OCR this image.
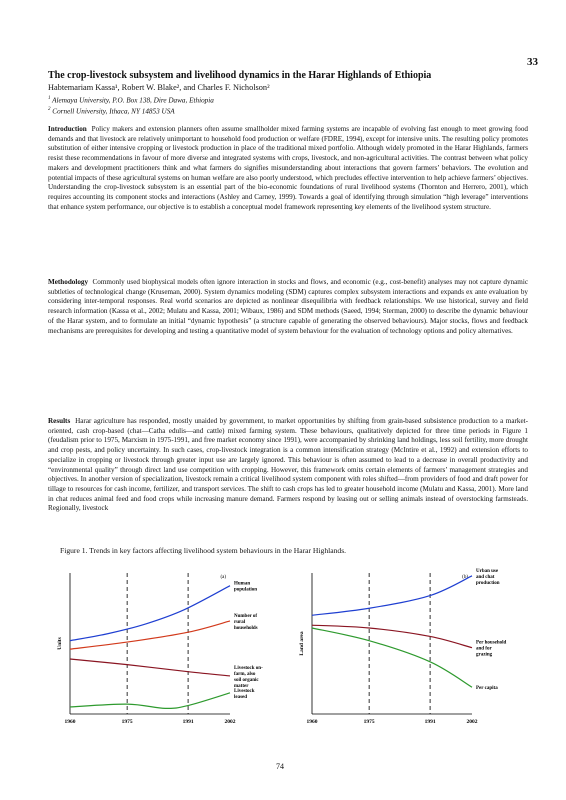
33
The crop-livestock subsystem and livelihood dynamics in the Harar Highlands of Ethiopia
Habtemariam Kassa¹, Robert W. Blake², and Charles F. Nicholson²
$^1$ Alemaya University, P.O. Box 138, Dire Dawa, Ethiopia
$^2$ Cornell University, Ithaca, NY 14853 USA
Introduction Policy makers and extension planners often assume smallholder mixed farming systems are incapable of evolving fast enough to meet growing food demands and that livestock are relatively unimportant to household food production or welfare (FDRE, 1994), except for intensive units. The resulting policy promotes substitution of either intensive cropping or livestock production in place of the traditional mixed portfolio. Although widely promoted in the Harar Highlands, farmers resist these recommendations in favour of more diverse and integrated systems with crops, livestock, and non-agricultural activities. The contrast between what policy makers and development practitioners think and what farmers do signifies misunderstanding about interactions that govern farmers’ behaviors. The evolution and potential impacts of these agricultural systems on human welfare are also poorly understood, which precludes effective intervention to help achieve farmers’ objectives. Understanding the crop-livestock subsystem is an essential part of the bio-economic foundations of rural livelihood systems (Thornton and Herrero, 2001), which requires accounting its component stocks and interactions (Ashley and Carney, 1999). Towards a goal of identifying through simulation “high leverage” interventions that enhance system performance, our objective is to establish a conceptual model framework representing key elements of the livelihood system structure.
Methodology Commonly used biophysical models often ignore interaction in stocks and flows, and economic (e.g., cost-benefit) analyses may not capture dynamic subtleties of technological change (Kruseman, 2000). System dynamics modeling (SDM) captures complex subsystem interactions and expands ex ante evaluation by considering inter-temporal responses. Real world scenarios are depicted as nonlinear disequilibria with feedback relationships. We use historical, survey and field research information (Kassa et al., 2002; Mulatu and Kassa, 2001; Wibaux, 1986) and SDM methods (Saeed, 1994; Sterman, 2000) to describe the dynamic behaviour of the Harar system, and to formulate an initial “dynamic hypothesis” (a structure capable of generating the observed behaviours). Major stocks, flows and feedback mechanisms are prerequisites for developing and testing a quantitative model of system behaviour for the evaluation of technology options and policy alternatives.
Results Harar agriculture has responded, mostly unaided by government, to market opportunities by shifting from grain-based subsistence production to a market-oriented, cash crop-based (chat—Catha edulis—and cattle) mixed farming system. These behaviours, qualitatively depicted for three time periods in Figure 1 (feudalism prior to 1975, Marxism in 1975-1991, and free market economy since 1991), were accompanied by shrinking land holdings, less soil fertility, more drought and crop pests, and policy uncertainty. In such cases, crop-livestock integration is a common intensification strategy (McIntire et al., 1992) and extension efforts to specialize in cropping or livestock through greater input use are largely ignored. This behaviour is often assumed to lead to a decrease in overall productivity and “environmental quality” through direct land use competition with cropping. However, this framework omits certain elements of farmers’ management strategies and objectives. In another version of specialization, livestock remain a critical livelihood system component with roles shifted—from providers of food and draft power for tillage to resources for cash income, fertilizer, and transport services. The shift to cash crops has led to greater household income (Mulatu and Kassa, 2001). More land in chat reduces animal feed and food crops while increasing manure demand. Farmers respond by leasing out or selling animals instead of overstocking farmsteads. Regionally, livestock
Figure 1. Trends in key factors affecting livelihood system behaviours in the Harar Highlands.
Units
(a)
1960	1975	1991	2002
Human population
Number of rural households
Livestock on-farm, also soil organic matter
Livestock leased
Land area
(b)
1960	1975	1991	2002
Urban use and chat production
Per household and for grazing
Per capita
74
